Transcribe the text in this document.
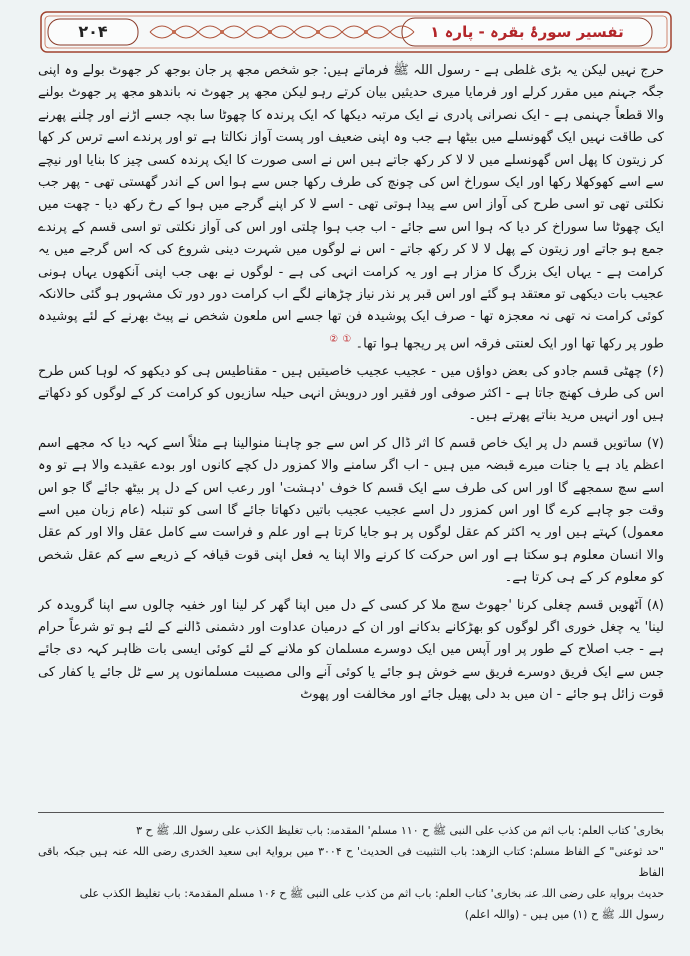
۲۰۴	تفسیر سورۂ بقرہ - پارہ ۱

حرج نہیں لیکن یہ بڑی غلطی ہے - رسول اللہ ﷺ فرماتے ہیں: جو شخص مجھ پر جان بوجھ کر جھوٹ بولے وہ اپنی جگہ جہنم میں مقرر کرلے اور فرمایا میری حدیثیں بیان کرتے رہو لیکن مجھ پر جھوٹ نہ باندھو مجھ پر جھوٹ بولنے والا قطعاً جہنمی ہے - ایک نصرانی پادری نے ایک مرتبہ دیکھا کہ ایک پرندہ کا چھوٹا سا بچہ جسے اڑنے اور چلنے پھرنے کی طاقت نہیں ایک گھونسلے میں بیٹھا ہے جب وہ اپنی ضعیف اور پست آواز نکالتا ہے تو اور پرندے اسے ترس کر کھا کر زیتون کا پھل اس گھونسلے میں لا لا کر رکھ جاتے ہیں اس نے اسی صورت کا ایک پرندہ کسی چیز کا بنایا اور نیچے سے اسے کھوکھلا رکھا اور ایک سوراخ اس کی چونچ کی طرف رکھا جس سے ہوا اس کے اندر گھستی تھی - پھر جب نکلتی تھی تو اسی طرح کی آواز اس سے پیدا ہوتی تھی - اسے لا کر اپنے گرجے میں ہوا کے رخ رکھ دیا - چھت میں ایک چھوٹا سا سوراخ کر دیا کہ ہوا اس سے جائے - اب جب ہوا چلتی اور اس کی آواز نکلتی تو اسی قسم کے پرندے جمع ہو جاتے اور زیتون کے پھل لا لا کر رکھ جاتے - اس نے لوگوں میں شہرت دینی شروع کی کہ اس گرجے میں یہ کرامت ہے - یہاں ایک بزرگ کا مزار ہے اور یہ کرامت انہی کی ہے - لوگوں نے بھی جب اپنی آنکھوں یہاں ہونی عجیب بات دیکھی تو معتقد ہو گئے اور اس قبر پر نذر نیاز چڑھانے لگے اب کرامت دور دور تک مشہور ہو گئی حالانکہ کوئی کرامت نہ تھی نہ معجزہ تھا - صرف ایک پوشیدہ فن تھا جسے اس ملعون شخص نے پیٹ بھرنے کے لئے پوشیدہ طور پر رکھا تھا اور ایک لعنتی فرقہ اس پر ریجھا ہوا تھا۔ ① ②

(۶) چھٹی قسم جادو کی بعض دواؤں میں - عجیب عجیب خاصیتیں ہیں - مقناطیس ہی کو دیکھو کہ لوہا کس طرح اس کی طرف کھنچ جاتا ہے - اکثر صوفی اور فقیر اور درویش انہی حیلہ سازیوں کو کرامت کر کے لوگوں کو دکھاتے ہیں اور انہیں مرید بناتے پھرتے ہیں۔

(۷) ساتویں قسم دل پر ایک خاص قسم کا اثر ڈال کر اس سے جو چاہنا منوالینا ہے مثلاً اسے کہہ دیا کہ مجھے اسم اعظم یاد ہے یا جنات میرے قبضہ میں ہیں - اب اگر سامنے والا کمزور دل کچے کانوں اور بودے عقیدے والا ہے تو وہ اسے سچ سمجھے گا اور اس کی طرف سے ایک قسم کا خوف 'دہشت' اور رعب اس کے دل پر بیٹھ جائے گا جو اس وقت جو چاہے کرے گا اور اس کمزور دل اسے عجیب عجیب باتیں دکھاتا جائے گا اسی کو تنبلہ (عام زبان میں اسے معمول) کہتے ہیں اور یہ اکثر کم عقل لوگوں پر ہو جایا کرتا ہے اور علم و فراست سے کامل عقل والا اور کم عقل والا انسان معلوم ہو سکتا ہے اور اس حرکت کا کرنے والا اپنا یہ فعل اپنی قوت قیافہ کے ذریعے سے کم عقل شخص کو معلوم کر کے ہی کرتا ہے۔

(۸) آٹھویں قسم چغلی کرنا 'جھوٹ سچ ملا کر کسی کے دل میں اپنا گھر کر لینا اور خفیہ چالوں سے اپنا گرویدہ کر لینا' یہ چغل خوری اگر لوگوں کو بھڑکانے بدکانے اور ان کے درمیان عداوت اور دشمنی ڈالنے کے لئے ہو تو شرعاً حرام ہے - جب اصلاح کے طور پر اور آپس میں ایک دوسرے مسلمان کو ملانے کے لئے کوئی ایسی بات ظاہر کہہ دی جائے جس سے ایک فریق دوسرے فریق سے خوش ہو جائے یا کوئی آنے والی مصیبت مسلمانوں پر سے ٹل جائے یا کفار کی قوت زائل ہو جائے - ان میں بد دلی پھیل جائے اور مخالفت اور پھوٹ

بخاری' کتاب العلم: باب اثم من کذب علی النبی ﷺ ح ۱۱۰ مسلم' المقدمۃ: باب تغلیظ الکذب علی رسول اللہ ﷺ ح ۳

"حد ثوعنی" کے الفاظ مسلم: کتاب الزھد: باب التثبیت فی الحدیث' ح ۳۰۰۴ میں بروایۃ ابی سعید الخدری رضی اللہ عنہ ہیں جبکہ باقی الفاظ

حدیث بروایۃ علی رضی اللہ عنہ بخاری' کتاب العلم: باب اثم من کذب علی النبی ﷺ ح ۱۰۶ مسلم المقدمۃ: باب تغلیظ الکذب علی

رسول اللہ ﷺ ح (۱) میں ہیں - (واللہ اعلم)
